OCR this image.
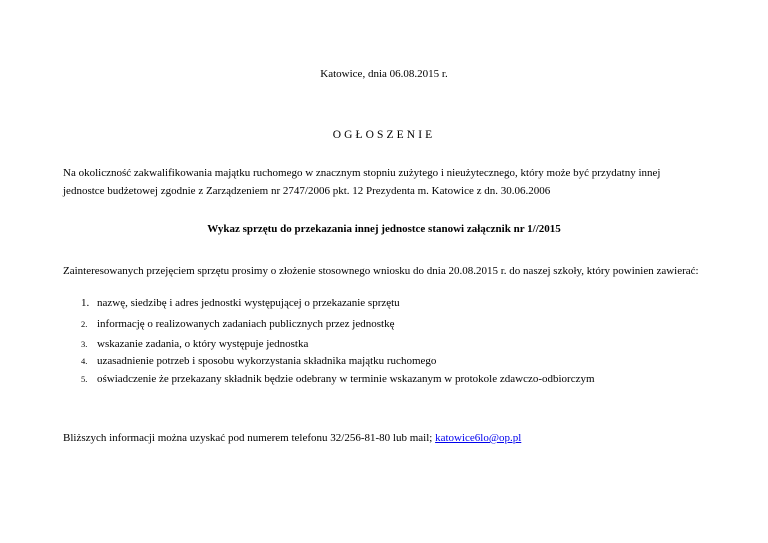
Katowice, dnia 06.08.2015 r.
OGŁOSZENIE
Na okoliczność zakwalifikowania majątku ruchomego w znacznym stopniu zużytego i nieużytecznego, który może być przydatny innej
jednostce budżetowej zgodnie z Zarządzeniem nr 2747/2006 pkt. 12 Prezydenta m. Katowice z dn. 30.06.2006
Wykaz sprzętu do przekazania innej jednostce stanowi załącznik nr 1//2015
Zainteresowanych przejęciem sprzętu prosimy o złożenie stosownego wniosku do dnia 20.08.2015 r. do naszej szkoły, który powinien zawierać:
1. nazwę, siedzibę i adres jednostki występującej o przekazanie sprzętu
2. informację o realizowanych zadaniach publicznych przez jednostkę
3. wskazanie zadania, o który występuje jednostka
4. uzasadnienie potrzeb i sposobu wykorzystania składnika majątku ruchomego
5. oświadczenie że przekazany składnik będzie odebrany w terminie wskazanym w protokole zdawczo-odbiorczym
Bliższych informacji można uzyskać pod numerem telefonu 32/256-81-80 lub mail; katowice6lo@op.pl
